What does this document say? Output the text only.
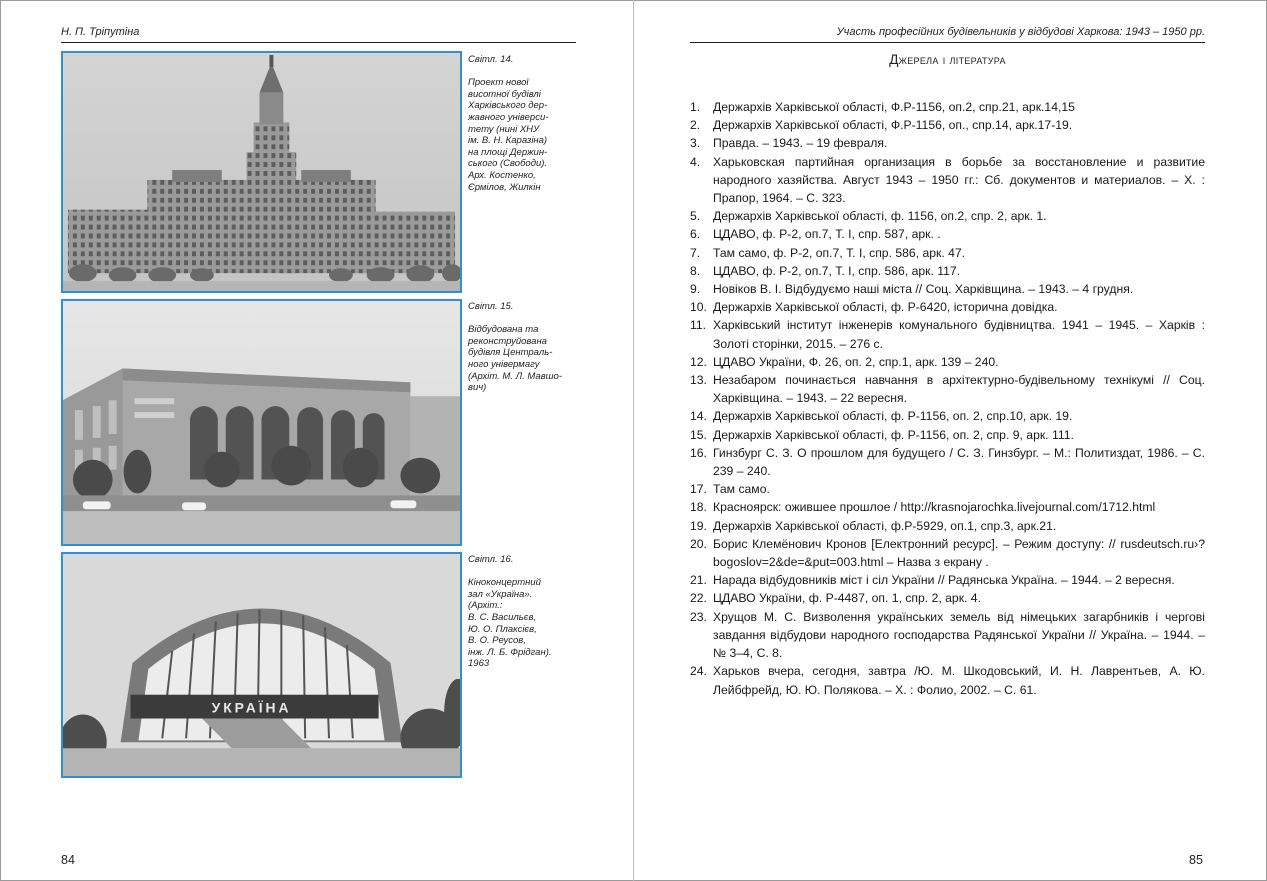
Н. П. Тріпутіна
Світл. 14.
Проект нової
висотної будівлі
Харківського дер-
жавного універси-
тету (нині ХНУ
ім. В. Н. Каразіна)
на площі Держин-
ського (Свободи).
Арх. Костенко,
Єрмілов, Жилкін
Світл. 15.
Відбудована та
реконструйована
будівля Централь-
ного універмагу
(Архіт. М. Л. Мавшо-
вич)
УКРАЇНА
Світл. 16.
Кіноконцертний
зал «Україна».
(Архіт.:
В. С. Васильєв,
Ю. О. Плаксієв,
В. О. Реусов,
інж. Л. Б. Фрідган).
1963
84
Участь професійних будівельників у відбудові Харкова: 1943 – 1950 рр.
Джерела і література
1.	Держархів Харківської області, Ф.Р-1156, оп.2, спр.21, арк.14,15
2.	Держархів Харківської області, Ф.Р-1156, оп., спр.14, арк.17-19.
3.	Правда. – 1943. – 19 февраля.
4.	Харьковская партийная организация в борьбе за восстановление и развитие народного хазяйства. Август 1943 – 1950 гг.: Сб. документов и материалов. – Х. : Прапор, 1964. – С. 323.
5.	Держархів Харківської області, ф. 1156, оп.2, спр. 2, арк. 1.
6.	ЦДАВО, ф. Р-2, оп.7, Т. І, спр. 587, арк. .
7.	Там само, ф. Р-2, оп.7, Т. І, спр. 586, арк. 47.
8.	ЦДАВО, ф. Р-2, оп.7, Т. І, спр. 586, арк. 117.
9.	Новіков В. І. Відбудуємо наші міста // Соц. Харківщина. – 1943. – 4 грудня.
10. Держархів Харківської області, ф. Р-6420, історична довідка.
11. Харківський інститут інженерів комунального будівництва. 1941 – 1945. – Харків : Золоті сторінки, 2015. – 276 с.
12. ЦДАВО України, Ф. 26, оп. 2, спр.1, арк. 139 – 240.
13. Незабаром починається навчання в архітектурно-будівельному технікумі // Соц. Харківщина. – 1943. – 22 вересня.
14. Держархів Харківської області, ф. Р-1156, оп. 2, спр.10, арк. 19.
15. Держархів Харківської області, ф. Р-1156, оп. 2, спр. 9, арк. 111.
16. Гинзбург С. З. О прошлом для будущего / С. З. Гинзбург. – М.: Политиздат, 1986. – С. 239 – 240.
17. Там само.
18. Красноярск: ожившее прошлое / http://krasnojarochka.livejournal.com/1712.html
19. Держархів Харківської області, ф.Р-5929, оп.1, спр.3, арк.21.
20. Борис Клемёнович Кронов [Електронний ресурс]. – Режим доступу: // rusdeutsch.ru›?bogoslov=2&de=&put=003.html – Назва з екрану .
21. Нарада відбудовників міст і сіл України // Радянська Україна. – 1944. – 2 вересня.
22. ЦДАВО України, ф. Р-4487, оп. 1, спр. 2, арк. 4.
23. Хрущов М. С. Визволення українських земель від німецьких загарбників і чергові завдання відбудови народного господарства Радянської України // Україна. – 1944. – № 3–4, С. 8.
24. Харьков вчера, сегодня, завтра /Ю. М. Шкодовський, И. Н. Лаврентьев, А. Ю. Лейбфрейд, Ю. Ю. Полякова. – Х. : Фолио, 2002. – С. 61.
85
